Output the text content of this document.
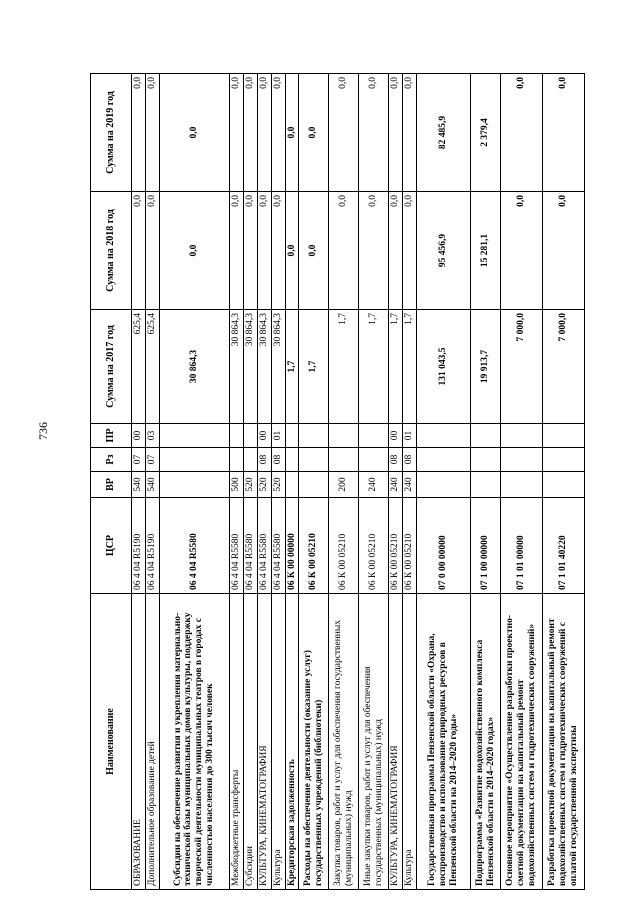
736
Наименование	ЦСР	ВР	Рз	ПР	Сумма на 2017 год	Сумма на 2018 год	Сумма на 2019 год
ОБРАЗОВАНИЕ	06 4 04 R5190	540	07	00	625,4	0,0	0,0
Дополнительное образование детей	06 4 04 R5190	540	07	03	625,4	0,0	0,0
Субсидии на обеспечение развития и укрепления материально-технической базы муниципальных домов культуры, поддержку творческой деятельности муниципальных театров в городах с численностью населения до 300 тысяч человек	06 4 04 R5580				30 864,3	0,0	0,0
Межбюджетные трансферты	06 4 04 R5580	500			30 864,3	0,0	0,0
Субсидии	06 4 04 R5580	520			30 864,3	0,0	0,0
КУЛЬТУРА, КИНЕМАТОГРАФИЯ	06 4 04 R5580	520	08	00	30 864,3	0,0	0,0
Культура	06 4 04 R5580	520	08	01	30 864,3	0,0	0,0
Кредиторская задолженность	06 К 00 00000				1,7	0,0	0,0
Расходы на обеспечение деятельности (оказание услуг) государственных учреждений (библиотеки)	06 К 00 05210				1,7	0,0	0,0
Закупка товаров, работ и услуг для обеспечения государственных (муниципальных) нужд	06 К 00 05210	200			1,7	0,0	0,0
Иные закупки товаров, работ и услуг для обеспечения государственных (муниципальных) нужд	06 К 00 05210	240			1,7	0,0	0,0
КУЛЬТУРА, КИНЕМАТОГРАФИЯ	06 К 00 05210	240	08	00	1,7	0,0	0,0
Культура	06 К 00 05210	240	08	01	1,7	0,0	0,0
Государственная программа Пензенской области «Охрана, воспроизводство и использование природных ресурсов в Пензенской области на 2014–2020 годы»	07 0 00 00000				131 043,5	95 456,9	82 485,9
Подпрограмма «Развитие водохозяйственного комплекса Пензенской области в 2014–2020 годах»	07 1 00 00000				19 913,7	15 281,1	2 379,4
Основное мероприятие «Осуществление разработки проектно-сметной документации на капитальный ремонт водохозяйственных систем и гидротехнических сооружений»	07 1 01 00000				7 000,0	0,0	0,0
Разработка проектной документации на капитальный ремонт водохозяйственных систем и гидротехнических сооружений с оплатой государственной экспертизы	07 1 01 40220				7 000,0	0,0	0,0
